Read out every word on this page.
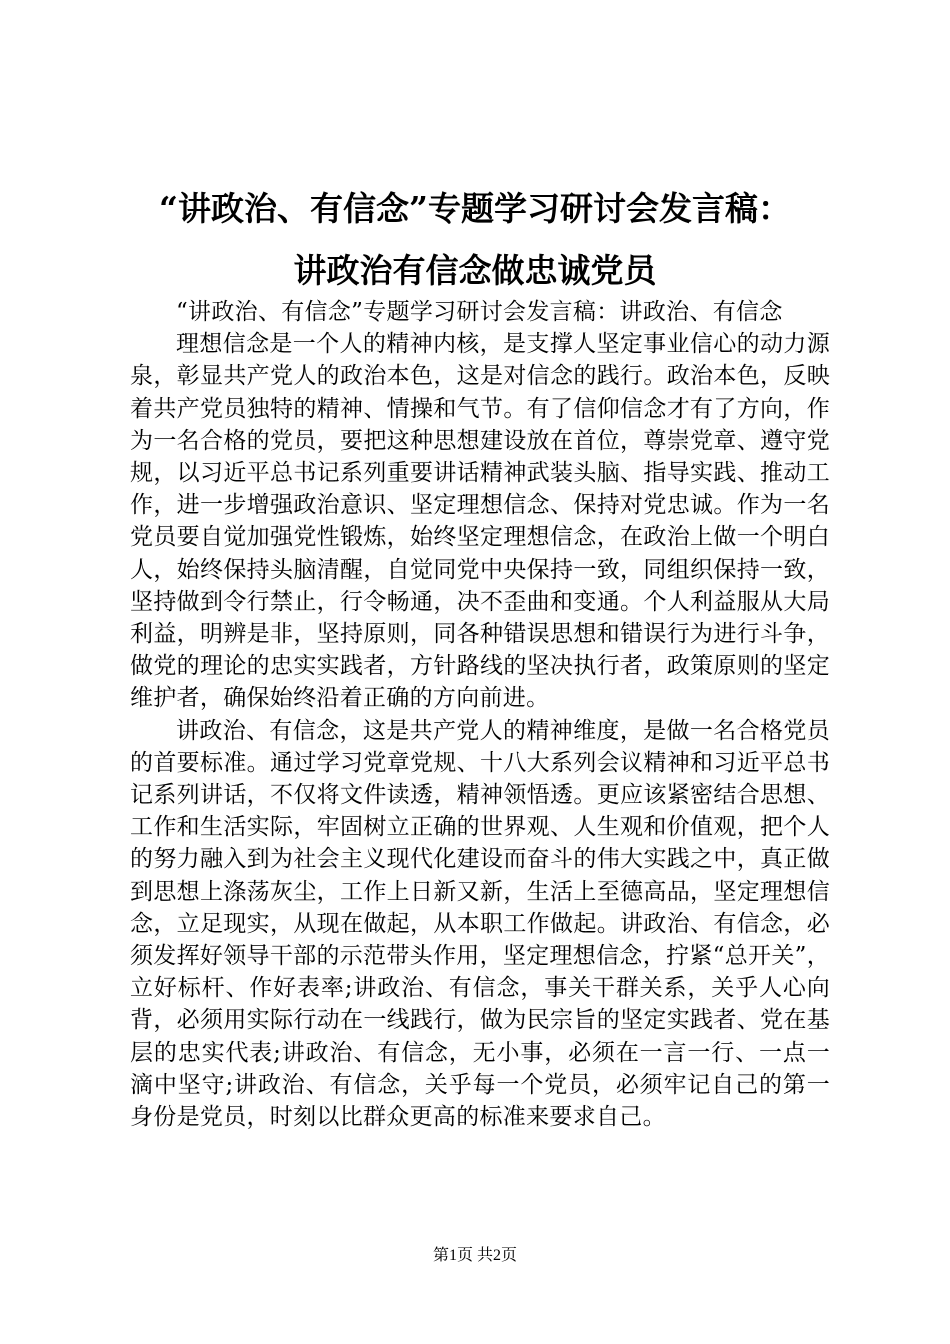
“讲政治、有信念”专题学习研讨会发言稿：
讲政治有信念做忠诚党员

“讲政治、有信念”专题学习研讨会发言稿：讲政治、有信念

理想信念是一个人的精神内核，是支撑人坚定事业信心的动力源泉，彰显共产党人的政治本色，这是对信念的践行。政治本色，反映着共产党员独特的精神、情操和气节。有了信仰信念才有了方向，作为一名合格的党员，要把这种思想建设放在首位，尊崇党章、遵守党规，以习近平总书记系列重要讲话精神武装头脑、指导实践、推动工作，进一步增强政治意识、坚定理想信念、保持对党忠诚。作为一名党员要自觉加强党性锻炼，始终坚定理想信念，在政治上做一个明白人，始终保持头脑清醒，自觉同党中央保持一致，同组织保持一致，坚持做到令行禁止，行令畅通，决不歪曲和变通。个人利益服从大局利益，明辨是非，坚持原则，同各种错误思想和错误行为进行斗争，做党的理论的忠实实践者，方针路线的坚决执行者，政策原则的坚定维护者，确保始终沿着正确的方向前进。

讲政治、有信念，这是共产党人的精神维度，是做一名合格党员的首要标准。通过学习党章党规、十八大系列会议精神和习近平总书记系列讲话，不仅将文件读透，精神领悟透。更应该紧密结合思想、工作和生活实际，牢固树立正确的世界观、人生观和价值观，把个人的努力融入到为社会主义现代化建设而奋斗的伟大实践之中，真正做到思想上涤荡灰尘，工作上日新又新，生活上至德高品，坚定理想信念，立足现实，从现在做起，从本职工作做起。讲政治、有信念，必须发挥好领导干部的示范带头作用，坚定理想信念，拧紧“总开关”，立好标杆、作好表率;讲政治、有信念，事关干群关系，关乎人心向背，必须用实际行动在一线践行，做为民宗旨的坚定实践者、党在基层的忠实代表;讲政治、有信念，无小事，必须在一言一行、一点一滴中坚守;讲政治、有信念，关乎每一个党员，必须牢记自己的第一身份是党员，时刻以比群众更高的标准来要求自己。

第1页 共2页
